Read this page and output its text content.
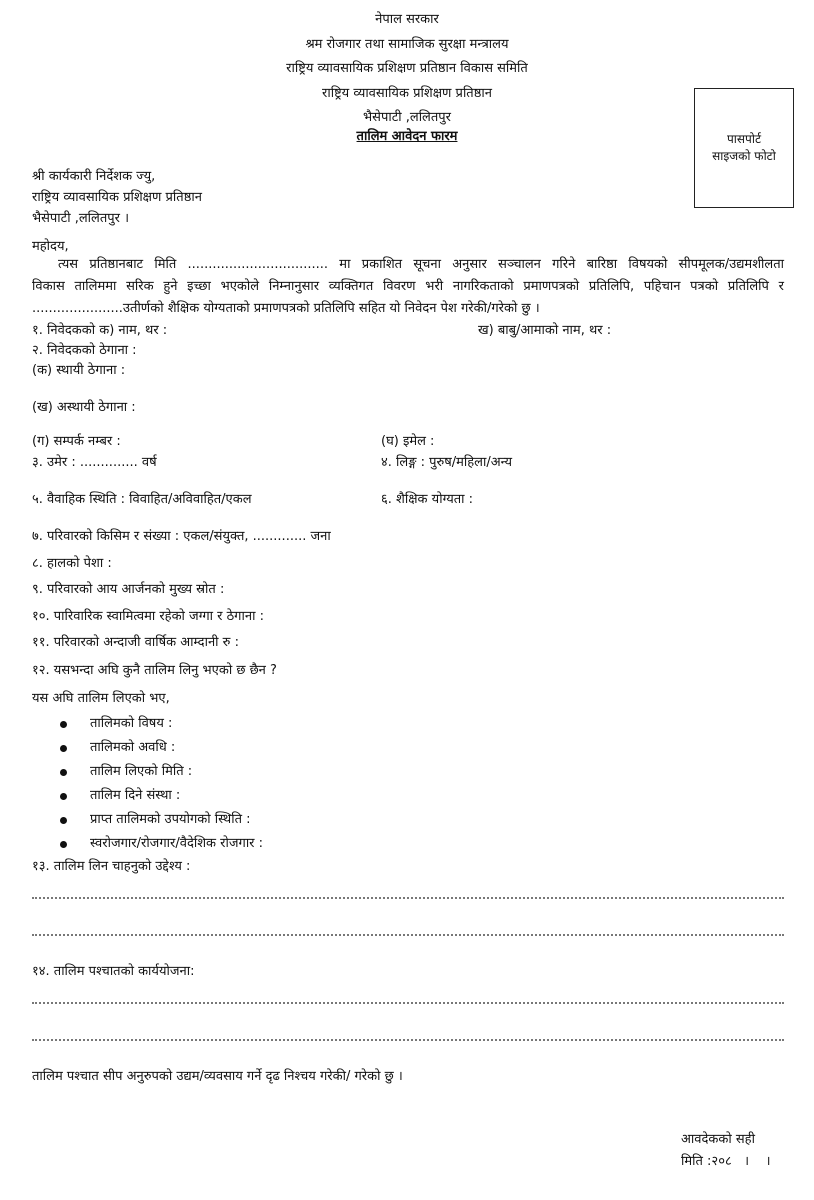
नेपाल सरकार
श्रम रोजगार तथा सामाजिक सुरक्षा मन्त्रालय
राष्ट्रिय व्यावसायिक प्रशिक्षण प्रतिष्ठान विकास समिति
राष्ट्रिय व्यावसायिक प्रशिक्षण प्रतिष्ठान
भैसेपाटी ,ललितपुर
तालिम आवेदन फारम	पासपोर्ट
साइजको फोटो
श्री कार्यकारी निर्देशक ज्यु,
राष्ट्रिय व्यावसायिक प्रशिक्षण प्रतिष्ठान
भैसेपाटी ,ललितपुर ।
महोदय,
त्यस प्रतिष्ठानबाट मिति .................................. मा प्रकाशित सूचना अनुसार सञ्चालन गरिने बारिष्ठा विषयको सीपमूलक/उद्यमशीलता
विकास तालिममा सरिक हुने इच्छा भएकोले निम्नानुसार व्यक्तिगत विवरण भरी नागरिकताको प्रमाणपत्रको प्रतिलिपि, पहिचान पत्रको प्रतिलिपि र
......................उतीर्णको शैक्षिक योग्यताको प्रमाणपत्रको प्रतिलिपि सहित यो निवेदन पेश गरेकी/गरेको छु ।
१. निवेदकको क) नाम, थर :	ख) बाबु/आमाको नाम, थर :
२. निवेदकको ठेगाना :
(क) स्थायी ठेगाना :
(ख) अस्थायी ठेगाना :
(ग) सम्पर्क नम्बर :	(घ) इमेल :
३. उमेर : .............. वर्ष	४. लिङ्ग : पुरुष/महिला/अन्य
५. वैवाहिक स्थिति : विवाहित/अविवाहित/एकल	६. शैक्षिक योग्यता :
७. परिवारको किसिम र संख्या : एकल/संयुक्त, ............. जना
८. हालको पेशा :
९. परिवारको आय आर्जनको मुख्य स्रोत :
१०. पारिवारिक स्वामित्वमा रहेको जग्गा र ठेगाना :
११. परिवारको अन्दाजी वार्षिक आम्दानी रु :
१२. यसभन्दा अघि कुनै तालिम लिनु भएको छ छैन ?
यस अघि तालिम लिएको भए,
तालिमको विषय :
तालिमको अवधि :
तालिम लिएको मिति :
तालिम दिने संस्था :
प्राप्त तालिमको उपयोगको स्थिति :
स्वरोजगार/रोजगार/वैदेशिक रोजगार :
१३. तालिम लिन चाहनुको उद्देश्य :
१४. तालिम पश्चातको कार्ययोजना:
तालिम पश्चात सीप अनुरुपको उद्यम/व्यवसाय गर्ने दृढ निश्चय गरेकी/ गरेको छु ।
आवदेकको सही
मिति :२०८   ।    ।
